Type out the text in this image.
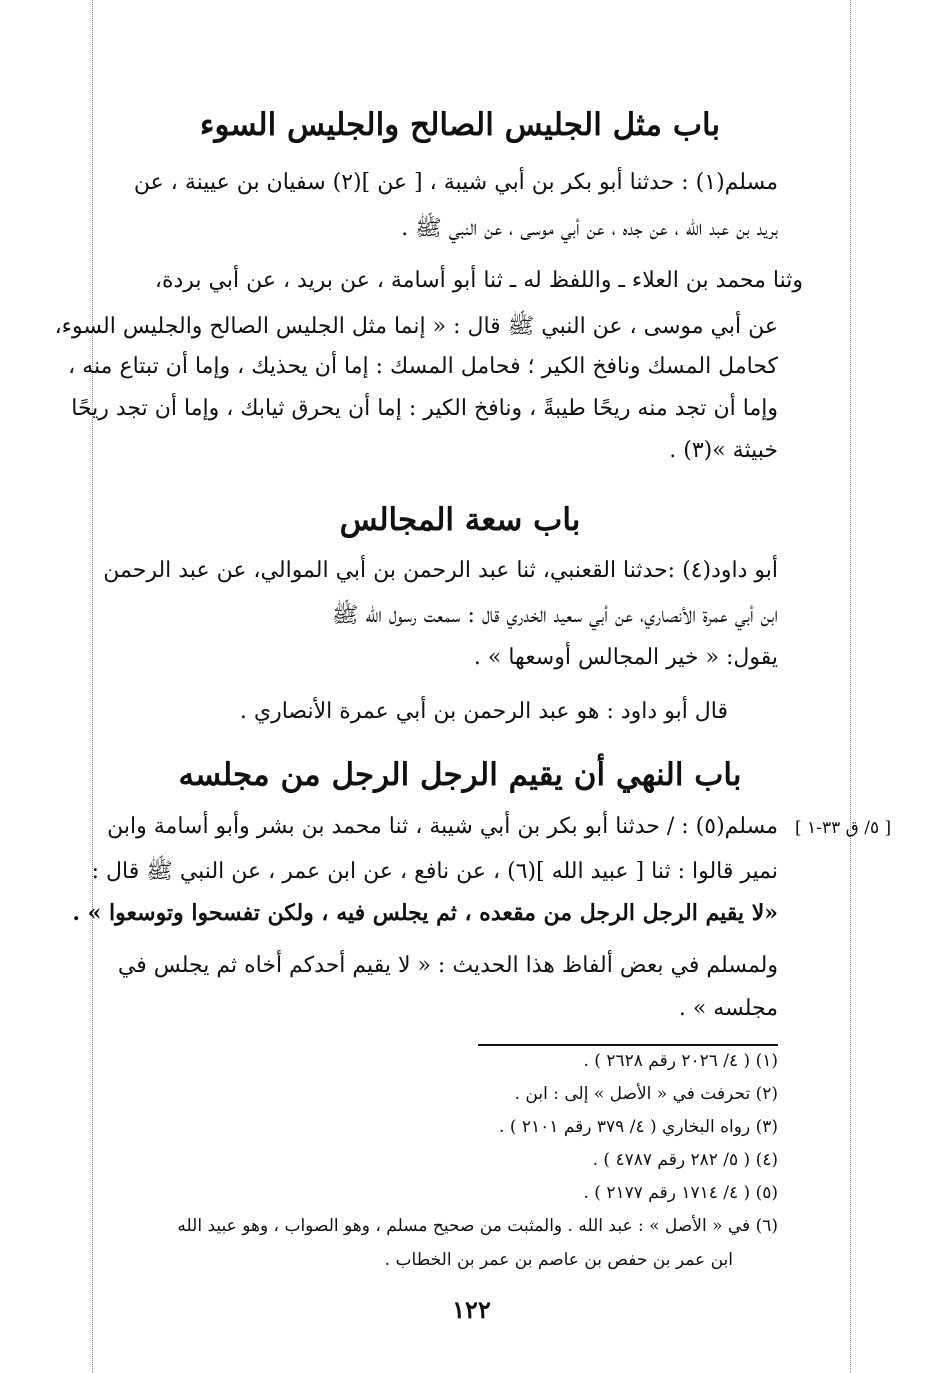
باب مثل الجليس الصالح والجليس السوء
مسلم(١) : حدثنا أبو بكر بن أبي شيبة ، [ عن ](٢) سفيان بن عيينة ، عن
بريد بن عبد الله ، عن جده ، عن أبي موسى ، عن النبي ﷺ .
وثنا محمد بن العلاء ـ واللفظ له ـ ثنا أبو أسامة ، عن بريد ، عن أبي بردة،
عن أبي موسى ، عن النبي ﷺ قال : « إنما مثل الجليس الصالح والجليس السوء،
كحامل المسك ونافخ الكير ؛ فحامل المسك : إما أن يحذيك ، وإما أن تبتاع منه ،
وإما أن تجد منه ريحًا طيبةً ، ونافخ الكير : إما أن يحرق ثيابك ، وإما أن تجد ريحًا
خبيثة »(٣) .
باب سعة المجالس
أبو داود(٤) :حدثنا القعنبي، ثنا عبد الرحمن بن أبي الموالي، عن عبد الرحمن
ابن أبي عمرة الأنصاري، عن أبي سعيد الخدري قال : سمعت رسول الله ﷺ
يقول: « خير المجالس أوسعها » .
قال أبو داود : هو عبد الرحمن بن أبي عمرة الأنصاري .
باب النهي أن يقيم الرجل الرجل من مجلسه
[ ٥/ ق ٣٣-١ ]
مسلم(٥) : / حدثنا أبو بكر بن أبي شيبة ، ثنا محمد بن بشر وأبو أسامة وابن
نمير قالوا : ثنا [ عبيد الله ](٦) ، عن نافع ، عن ابن عمر ، عن النبي ﷺ قال :
«لا يقيم الرجل الرجل من مقعده ، ثم يجلس فيه ، ولكن تفسحوا وتوسعوا » .
ولمسلم في بعض ألفاظ هذا الحديث : « لا يقيم أحدكم أخاه ثم يجلس في
مجلسه » .
(١) ( ٤/ ٢٠٢٦ رقم ٢٦٢٨ ) .
(٢) تحرفت في « الأصل » إلى : ابن .
(٣) رواه البخاري ( ٤/ ٣٧٩ رقم ٢١٠١ ) .
(٤) ( ٥/ ٢٨٢ رقم ٤٧٨٧ ) .
(٥) ( ٤/ ١٧١٤ رقم ٢١٧٧ ) .
(٦) في « الأصل » : عبد الله . والمثبت من صحيح مسلم ، وهو الصواب ، وهو عبيد الله
ابن عمر بن حفص بن عاصم بن عمر بن الخطاب .
١٢٢
